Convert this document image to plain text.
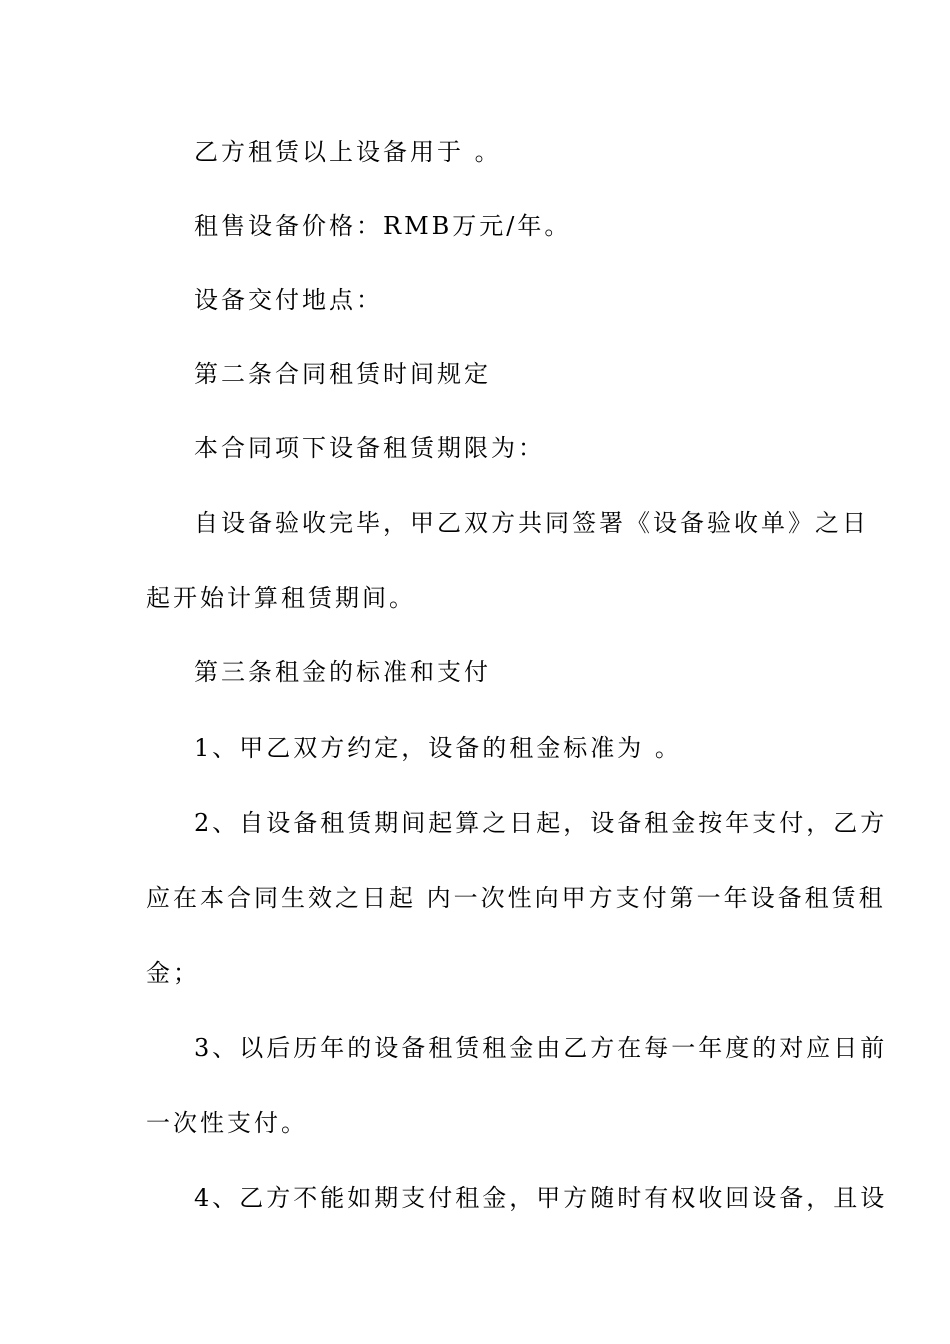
乙方租赁以上设备用于 。
租售设备价格：RMB万元/年。
设备交付地点：
第二条合同租赁时间规定
本合同项下设备租赁期限为：
自设备验收完毕，甲乙双方共同签署《设备验收单》之日
起开始计算租赁期间。
第三条租金的标准和支付
1、甲乙双方约定，设备的租金标准为 。
2、自设备租赁期间起算之日起，设备租金按年支付，乙方
应在本合同生效之日起 内一次性向甲方支付第一年设备租赁租
金；
3、以后历年的设备租赁租金由乙方在每一年度的对应日前
一次性支付。
4、乙方不能如期支付租金，甲方随时有权收回设备，且设
